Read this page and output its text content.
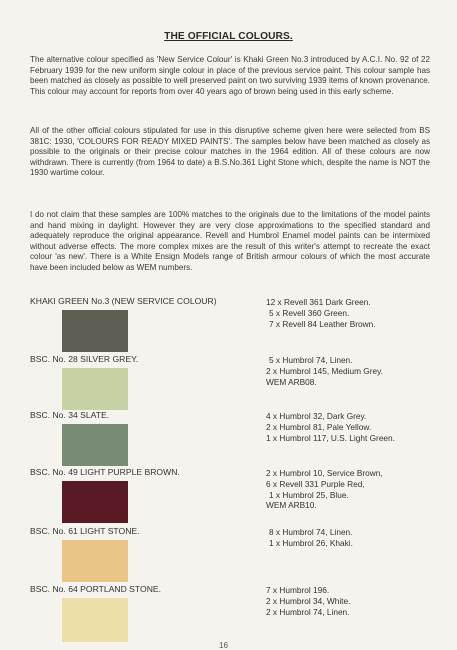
THE OFFICIAL COLOURS.

The alternative colour specified as 'New Service Colour' is Khaki Green No.3 introduced by A.C.I. No. 92 of 22 February 1939 for the new uniform single colour in place of the previous service paint. This colour sample has been matched as closely as possible to well preserved paint on two surviving 1939 items of known provenance. This colour may account for reports from over 40 years ago of brown being used in this early scheme.

All of the other official colours stipulated for use in this disruptive scheme given here were selected from BS 381C: 1930, 'COLOURS FOR READY MIXED PAINTS'. The samples below have been matched as closely as possible to the originals or their precise colour matches in the 1964 edition. All of these colours are now withdrawn. There is currently (from 1964 to date) a B.S.No.361 Light Stone which, despite the name is NOT the 1930 wartime colour.

I do not claim that these samples are 100% matches to the originals due to the limitations of the model paints and hand mixing in daylight. However they are very close approximations to the specified standard and adequately reproduce the original appearance. Revell and Humbrol Enamel model paints can be intermixed without adverse effects. The more complex mixes are the result of this writer's attempt to recreate the exact colour 'as new'. There is a White Ensign Models range of British armour colours of which the most accurate have been included below as WEM numbers.

KHAKI GREEN No.3 (NEW SERVICE COLOUR)	12 x Revell 361 Dark Green.
5 x Revell 360 Green.
7 x Revell 84 Leather Brown.
BSC. No. 28 SILVER GREY.	5 x Humbrol 74, Linen.
2 x Humbrol 145, Medium Grey.
WEM ARB08.
BSC. No. 34 SLATE.	4 x Humbrol 32, Dark Grey.
2 x Humbrol 81, Pale Yellow.
1 x Humbrol 117, U.S. Light Green.
BSC. No. 49 LIGHT PURPLE BROWN.	2 x Humbrol 10, Service Brown,
6 x Revell 331 Purple Red,
1 x Humbrol 25, Blue.
WEM ARB10.
BSC. No. 61 LIGHT STONE.	8 x Humbrol 74, Linen.
1 x Humbrol 26, Khaki.
BSC. No. 64 PORTLAND STONE.	7 x Humbrol 196.
2 x Humbrol 34, White.
2 x Humbrol 74, Linen.
16
